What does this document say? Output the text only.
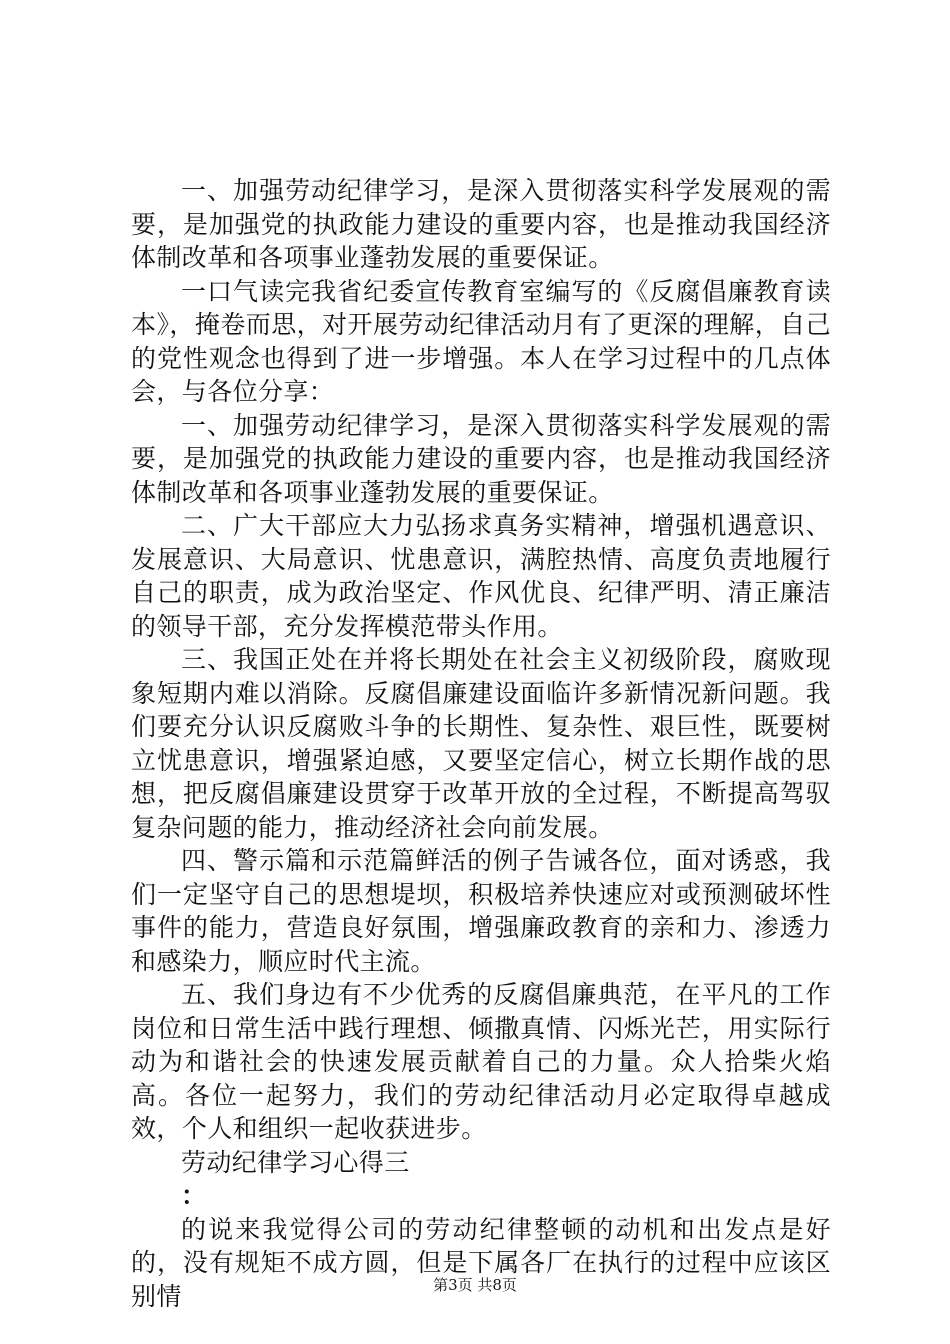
一、加强劳动纪律学习，是深入贯彻落实科学发展观的需要，是加强党的执政能力建设的重要内容，也是推动我国经济体制改革和各项事业蓬勃发展的重要保证。

一口气读完我省纪委宣传教育室编写的《反腐倡廉教育读本》，掩卷而思，对开展劳动纪律活动月有了更深的理解，自己的党性观念也得到了进一步增强。本人在学习过程中的几点体会，与各位分享：

一、加强劳动纪律学习，是深入贯彻落实科学发展观的需要，是加强党的执政能力建设的重要内容，也是推动我国经济体制改革和各项事业蓬勃发展的重要保证。

二、广大干部应大力弘扬求真务实精神，增强机遇意识、发展意识、大局意识、忧患意识，满腔热情、高度负责地履行自己的职责，成为政治坚定、作风优良、纪律严明、清正廉洁的领导干部，充分发挥模范带头作用。

三、我国正处在并将长期处在社会主义初级阶段，腐败现象短期内难以消除。反腐倡廉建设面临许多新情况新问题。我们要充分认识反腐败斗争的长期性、复杂性、艰巨性，既要树立忧患意识，增强紧迫感，又要坚定信心，树立长期作战的思想，把反腐倡廉建设贯穿于改革开放的全过程，不断提高驾驭复杂问题的能力，推动经济社会向前发展。

四、警示篇和示范篇鲜活的例子告诫各位，面对诱惑，我们一定坚守自己的思想堤坝，积极培养快速应对或预测破坏性事件的能力，营造良好氛围，增强廉政教育的亲和力、渗透力和感染力，顺应时代主流。

五、我们身边有不少优秀的反腐倡廉典范，在平凡的工作岗位和日常生活中践行理想、倾撒真情、闪烁光芒，用实际行动为和谐社会的快速发展贡献着自己的力量。众人拾柴火焰高。各位一起努力，我们的劳动纪律活动月必定取得卓越成效，个人和组织一起收获进步。

劳动纪律学习心得三

：

的说来我觉得公司的劳动纪律整顿的动机和出发点是好的，没有规矩不成方圆，但是下属各厂在执行的过程中应该区别情	第3页 共8页
